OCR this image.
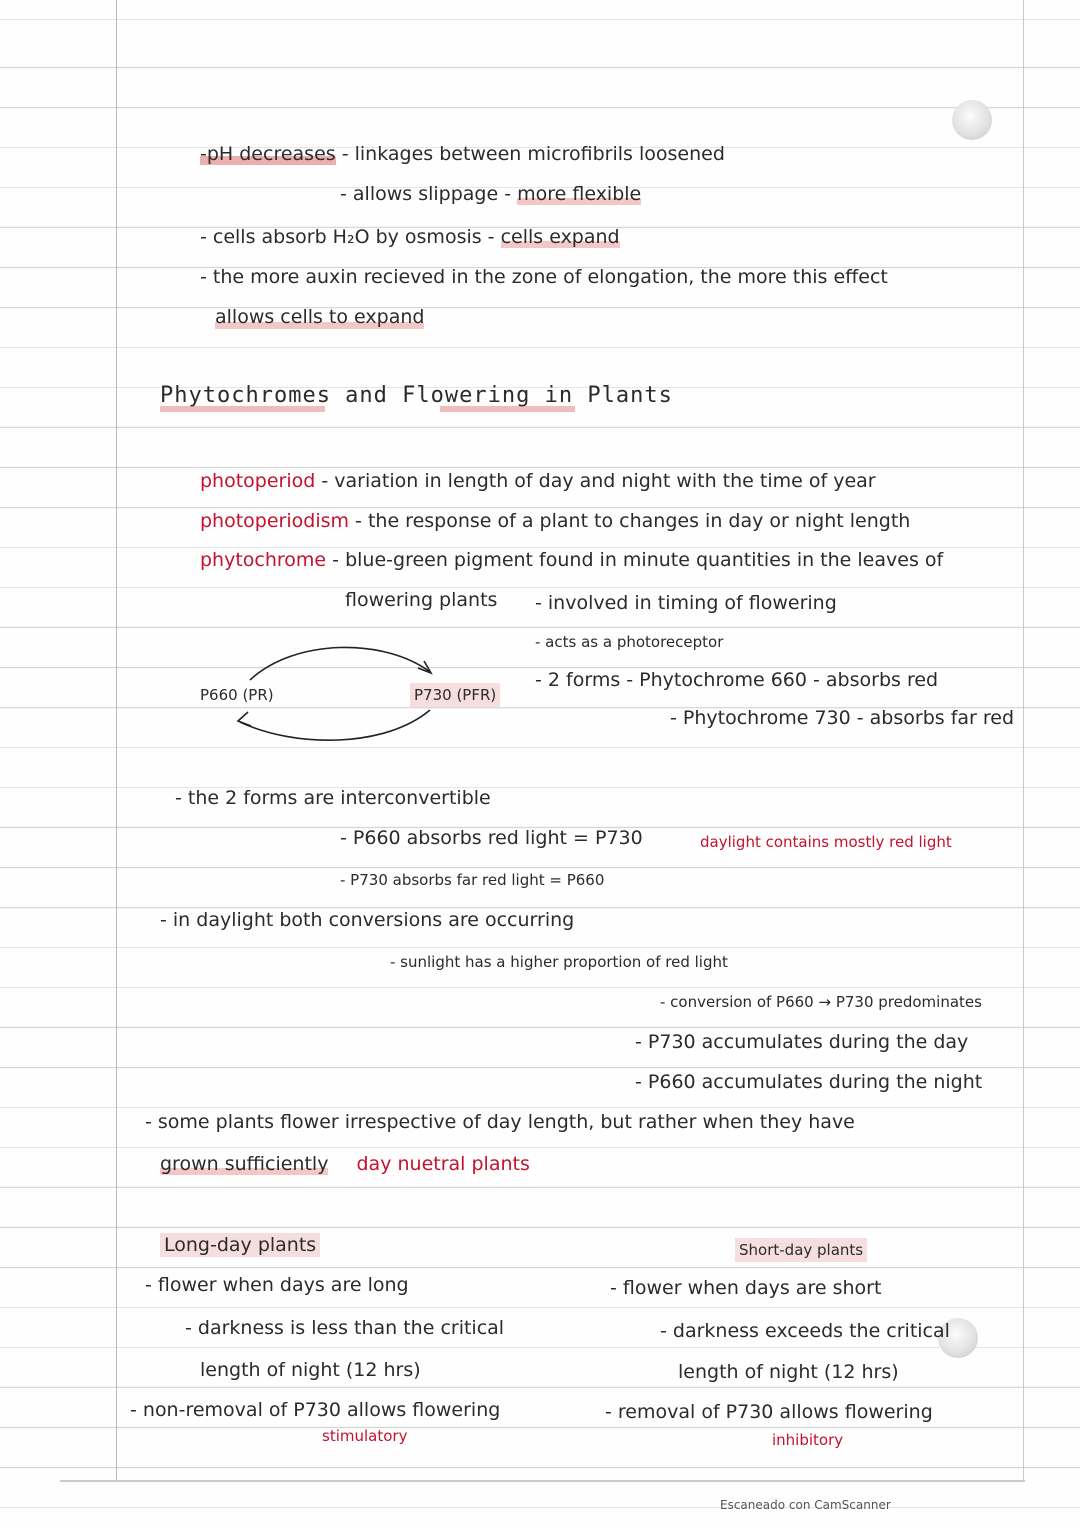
-pH decreases - linkages between microfibrils loosened
- allows slippage - more flexible
- cells absorb H₂O by osmosis - cells expand
- the more auxin recieved in the zone of elongation, the more this effect
allows cells to expand
Phytochromes and Flowering in Plants
photoperiod - variation in length of day and night with the time of year
photoperiodism - the response of a plant to changes in day or night length
phytochrome - blue-green pigment found in minute quantities in the leaves of
flowering plants - involved in timing of flowering
- acts as a photoreceptor
- 2 forms - Phytochrome 660 - absorbs red
- Phytochrome 730 - absorbs far red
P660 (PR)	P730 (PFR)
- the 2 forms are interconvertible
- P660 absorbs red light = P730	daylight contains mostly red light
- P730 absorbs far red light = P660
- in daylight both conversions are occurring
- sunlight has a higher proportion of red light
- conversion of P660 → P730 predominates
- P730 accumulates during the day
- P660 accumulates during the night
- some plants flower irrespective of day length, but rather when they have
grown sufficiently day nuetral plants
Long-day plants
- flower when days are long
- darkness is less than the critical
length of night (12 hrs)
- non-removal of P730 allows flowering
stimulatory
Short-day plants
- flower when days are short
- darkness exceeds the critical
length of night (12 hrs)
- removal of P730 allows flowering
inhibitory
Escaneado con CamScanner
